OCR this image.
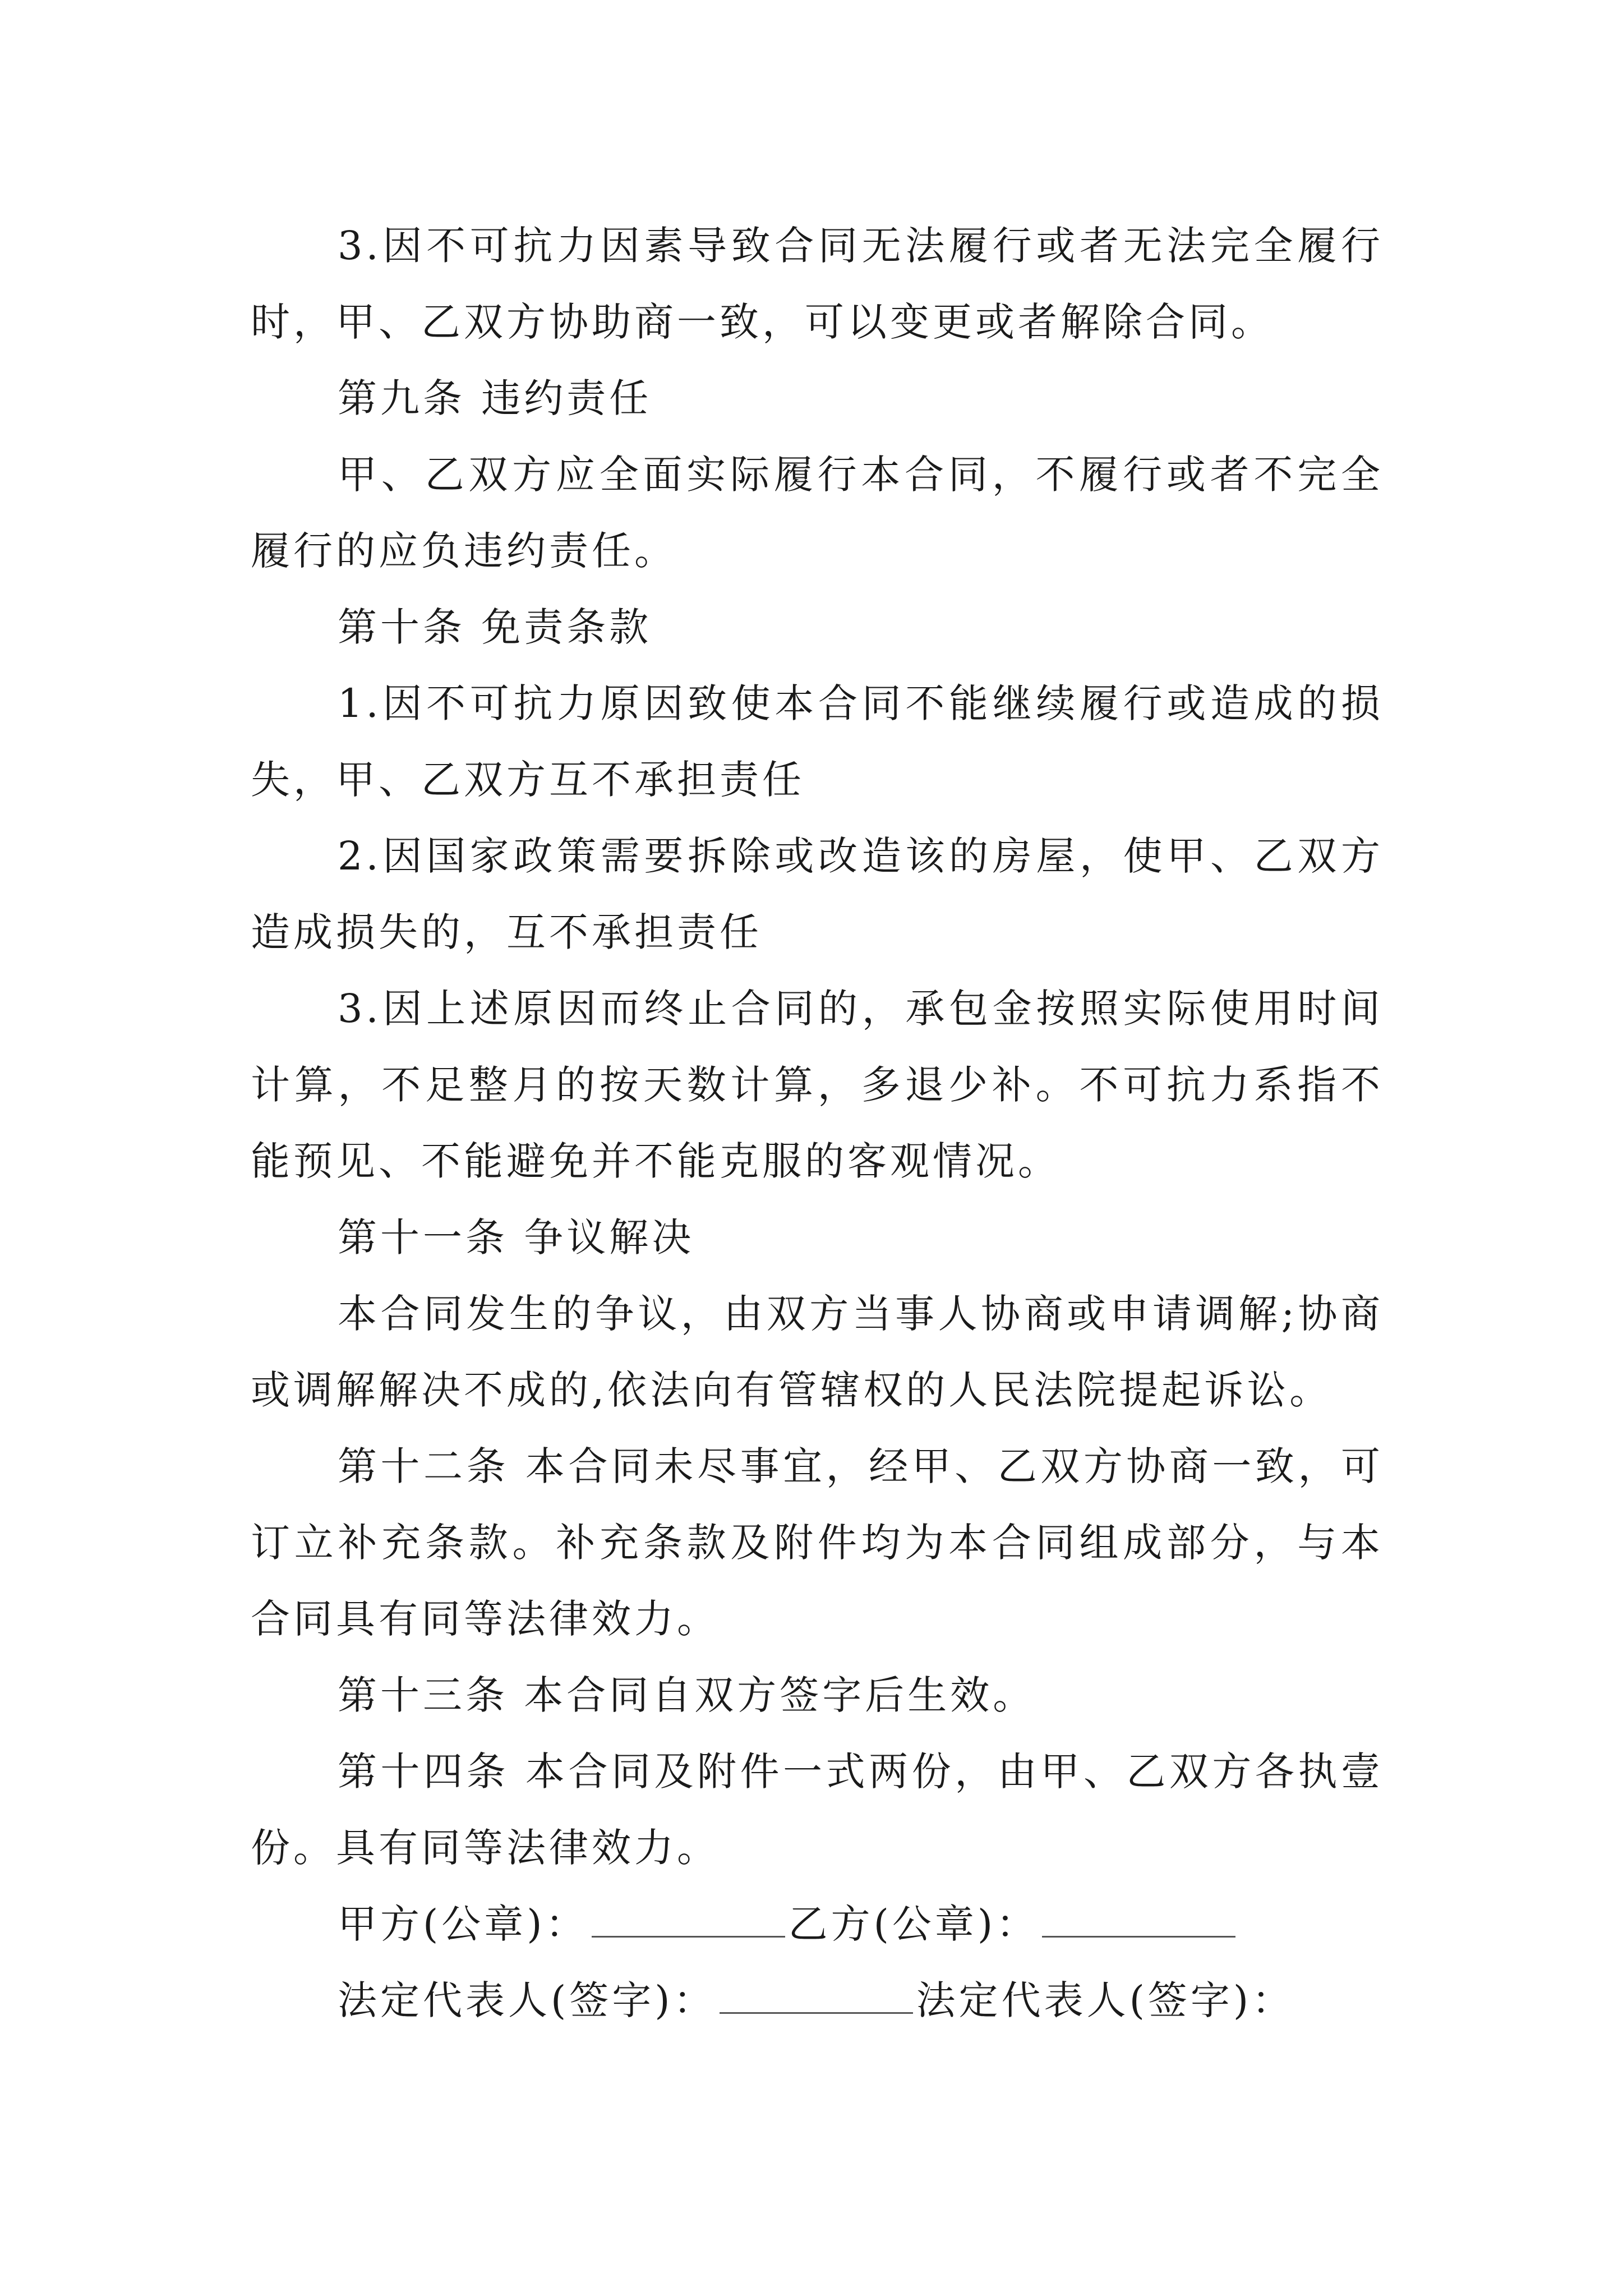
3.因不可抗力因素导致合同无法履行或者无法完全履行时，甲、乙双方协助商一致，可以变更或者解除合同。

第九条 违约责任

甲、乙双方应全面实际履行本合同，不履行或者不完全履行的应负违约责任。

第十条 免责条款

1.因不可抗力原因致使本合同不能继续履行或造成的损失，甲、乙双方互不承担责任

2.因国家政策需要拆除或改造该的房屋，使甲、乙双方造成损失的，互不承担责任

3.因上述原因而终止合同的，承包金按照实际使用时间计算，不足整月的按天数计算，多退少补。不可抗力系指不能预见、不能避免并不能克服的客观情况。

第十一条 争议解决

本合同发生的争议，由双方当事人协商或申请调解;协商或调解解决不成的,依法向有管辖权的人民法院提起诉讼。

第十二条 本合同未尽事宜，经甲、乙双方协商一致，可订立补充条款。补充条款及附件均为本合同组成部分，与本合同具有同等法律效力。

第十三条 本合同自双方签字后生效。

第十四条 本合同及附件一式两份，由甲、乙双方各执壹份。具有同等法律效力。

甲方(公章)：	乙方(公章)：

法定代表人(签字)：	法定代表人(签字)：
